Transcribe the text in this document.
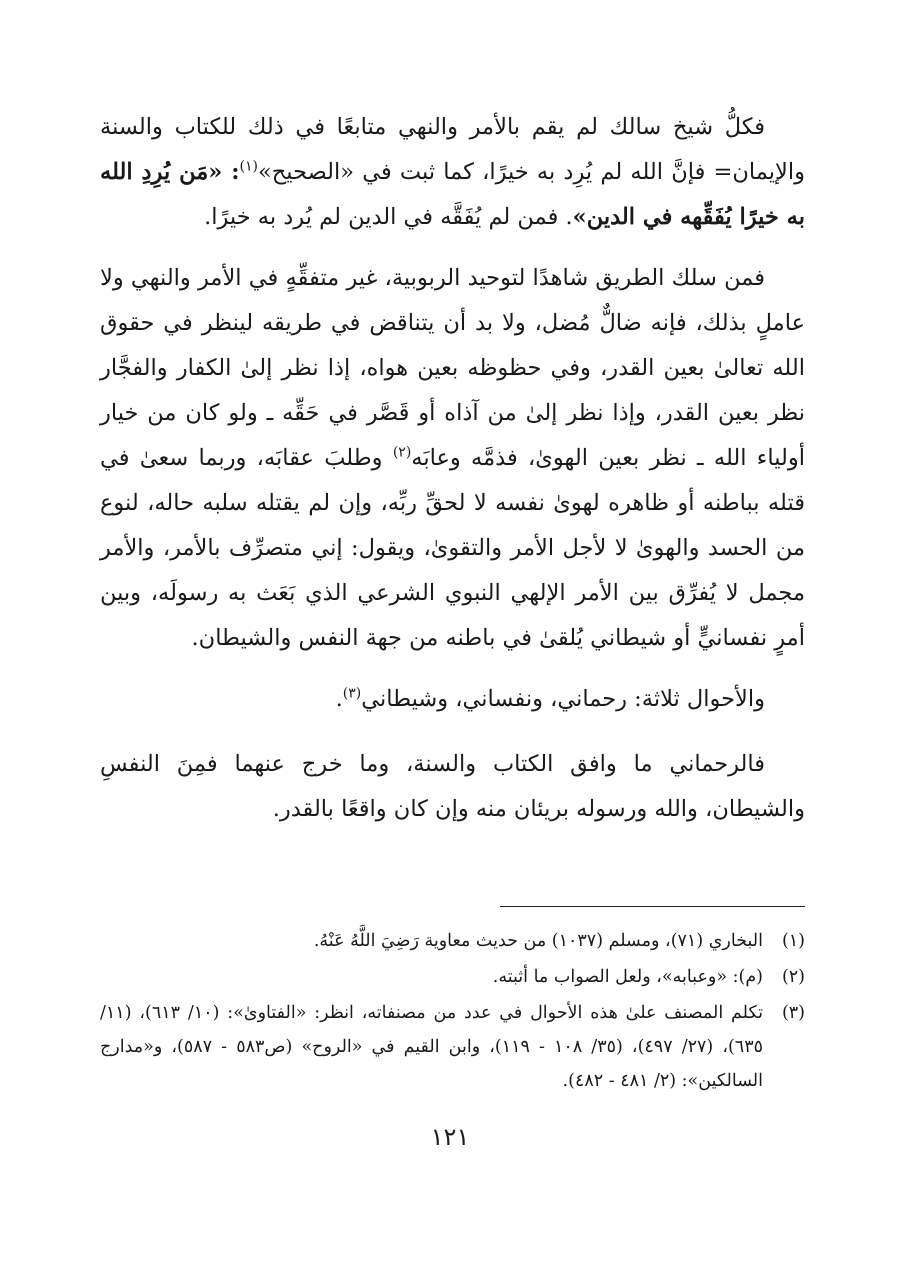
فكلُّ شيخ سالك لم يقم بالأمر والنهي متابعًا في ذلك للكتاب والسنة والإيمان= فإنَّ الله لم يُرِد به خيرًا، كما ثبت في «الصحيح»$^{(١)}$: «مَن يُرِدِ الله به خيرًا يُفَقِّهه في الدين». فمن لم يُفَقَّه في الدين لم يُرد به خيرًا.

فمن سلك الطريق شاهدًا لتوحيد الربوبية، غير متفقِّهٍ في الأمر والنهي ولا عاملٍ بذلك، فإنه ضالٌّ مُضل، ولا بد أن يتناقض في طريقه لينظر في حقوق الله تعالىٰ بعين القدر، وفي حظوظه بعين هواه، إذا نظر إلىٰ الكفار والفجَّار نظر بعين القدر، وإذا نظر إلىٰ من آذاه أو قَصَّر في حَقِّه ـ ولو كان من خيار أولياء الله ـ نظر بعين الهوىٰ، فذمَّه وعابَه$^{(٢)}$ وطلبَ عقابَه، وربما سعىٰ في قتله بباطنه أو ظاهره لهوىٰ نفسه لا لحقِّ ربِّه، وإن لم يقتله سلبه حاله، لنوع من الحسد والهوىٰ لا لأجل الأمر والتقوىٰ، ويقول: إني متصرِّف بالأمر، والأمر مجمل لا يُفرِّق بين الأمر الإلهي النبوي الشرعي الذي بَعَث به رسولَه، وبين أمرٍ نفسانيٍّ أو شيطاني يُلقىٰ في باطنه من جهة النفس والشيطان.

والأحوال ثلاثة: رحماني، ونفساني، وشيطاني$^{(٣)}$.

فالرحماني ما وافق الكتاب والسنة، وما خرج عنهما فمِنَ النفسِ والشيطان، والله ورسوله بريئان منه وإن كان واقعًا بالقدر.

(١)
البخاري (٧١)، ومسلم (١٠٣٧) من حديث معاوية رَضِيَ اللَّهُ عَنْهُ.
(٢)
(م): «وعبابه»، ولعل الصواب ما أثبته.
(٣)
تكلم المصنف علىٰ هذه الأحوال في عدد من مصنفاته، انظر: «الفتاوىٰ»: (١٠/ ٦١٣)، (١١/ ٦٣٥)، (٢٧/ ٤٩٧)، (٣٥/ ١٠٨ - ١١٩)، وابن القيم في «الروح» (ص٥٨٣ - ٥٨٧)، و«مدارج السالكين»: (٢/ ٤٨١ - ٤٨٢).
١٢١
